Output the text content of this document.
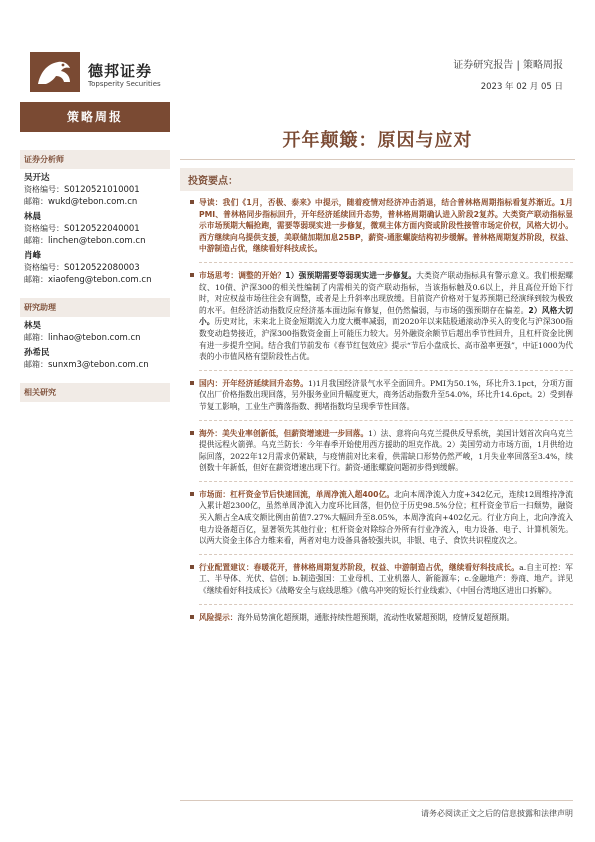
德邦证券
Topsperity Securities
证券研究报告 | 策略周报
2023 年 02 月 05 日
策略周报
证券分析师
吴开达
资格编号：S0120521010001
邮箱：wukd@tebon.com.cn
林晨
资格编号：S0120522040001
邮箱：linchen@tebon.com.cn
肖峰
资格编号：S0120522080003
邮箱：xiaofeng@tebon.com.cn
研究助理
林昊
邮箱：linhao@tebon.com.cn
孙希民
邮箱：sunxm3@tebon.com.cn
相关研究
开年颠簸：原因与应对
投资要点：

导读：我们《1月，否极、泰来》中提示，随着疫情对经济冲击消退，结合普林格周期指标看复苏渐近。1月PMI、普林格同步指标回升，开年经济延续回升态势，普林格周期确认进入阶段2复苏。大类资产联动指标显示市场预期大幅抢跑，需要等弱现实进一步修复，微观主体方面内资或阶段性接管市场定价权，风格大切小。西方继续向乌提供支援，美联储加期加息25BP，薪资-通胀螺旋结构初步缓解。普林格周期复苏阶段，权益、中游制造占优，继续看好科技成长。

市场思考：调整的开始？1）强预期需要等弱现实进一步修复。大类资产联动指标具有警示意义。我们根据螺纹、10债、沪深300的相关性编制了内需相关的资产联动指标，当该指标触及0.6以上，并且高位开始下行时，对应权益市场往往会有调整，或者是上升斜率出现放缓。目前资产价格对于复苏预期已经演绎到较为极致的水平。但经济活动指数反应经济基本面边际有修复，但仍然偏弱，与市场的强预期存在偏差。2）风格大切小。历史对比，未来北上资金短期流入力度大概率减弱，而2020年以来陆股通滚动净买入的变化与沪深300指数变动趋势接近，沪深300指数资金面上可能压力较大。另外融资余额节后超出季节性回升，且杠杆资金比例有进一步提升空间。结合我们节前发布《春节红包效应》提示“节后小盘成长、高市盈率更强”，中证1000为代表的小市值风格有望阶段性占优。

国内：开年经济延续回升态势。1)1月我国经济景气水平全面回升。PMI为50.1%，环比升3.1pct，分项方面仅出厂价格指数出现回落，另外服务业回升幅度更大，商务活动指数升至54.0%，环比升14.6pct。2）受到春节复工影响，工业生产腾落指数、拥堵指数均呈现季节性回落。

海外：美失业率创新低，但薪资增速进一步回落。1）法、意将向乌克兰提供反导系统，美国计划首次向乌克兰提供远程火箭弹。乌克兰防长：今年春季开始使用西方援助的坦克作战。2）美国劳动力市场方面，1月供给边际回落，2022年12月需求仍紧缺，与疫情前对比来看，供需缺口形势仍然严峻，1月失业率回落至3.4%，续创数十年新低，但好在薪资增速出现下行。薪资-通胀螺旋问题初步得到缓解。

市场面：杠杆资金节后快速回流，单周净流入超400亿。北向本周净流入力度+342亿元，连续12周维持净流入累计超2300亿，虽然单周净流入力度环比回落，但仍位于历史98.5%分位；杠杆资金节后一扫颓势，融资买入额占全A成交额比例由前值7.27%大幅回升至8.05%，本周净流向+402亿元。行业方向上，北向净流入电力设备超百亿，显著领先其他行业；杠杆资金对除综合外所有行业净流入，电力设备、电子、计算机领先。以两大资金主体合力维来看，两者对电力设备具备较强共识，非银、电子、食饮共识程度次之。

行业配置建议：春暖花开，普林格周期复苏阶段，权益、中游制造占优，继续看好科技成长。a.自主可控：军工、半导体、光伏、信创；b.制造强国：工业母机、工业机器人、新能源车；c.金融地产：券商、地产。详见《继续看好科技成长》《战略安全与底线思维》《俄乌冲突的短长行业线索》、《中国台湾地区进出口拆解》。

风险提示：海外局势演化超预期，通胀持续性超预期，流动性收紧超预期，疫情反复超预期。

请务必阅读正文之后的信息披露和法律声明
